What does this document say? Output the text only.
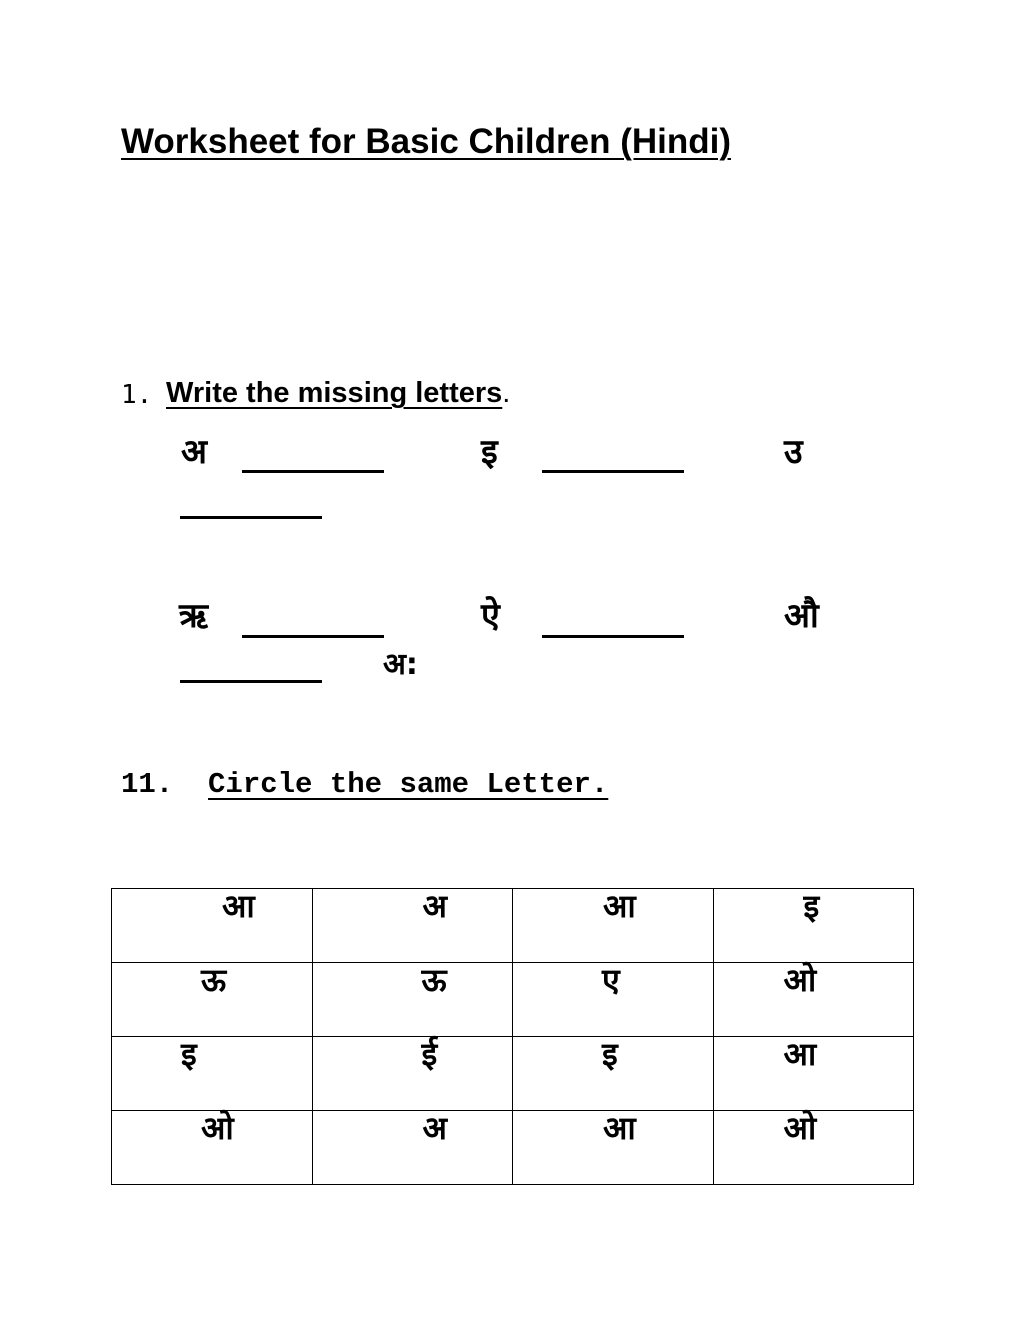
Worksheet for Basic Children (Hindi)
1. Write the missing letters.
अ	इ	उ
ऋ	ऐ	औ
अ:
11. Circle the same Letter.
आ	अ	आ	इ

ऊ	ऊ	ए	ओ

इ	ई	इ	आ

ओ	अ	आ	ओ
